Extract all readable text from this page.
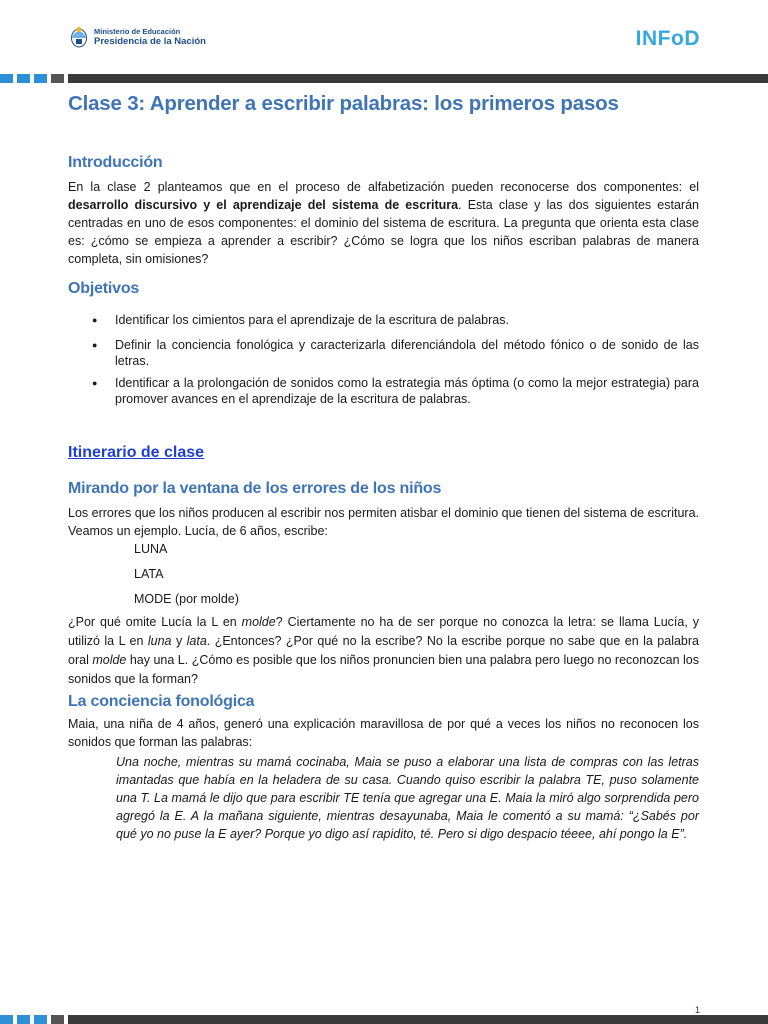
Ministerio de Educación
Presidencia de la Nación	INFoD
Clase 3: Aprender a escribir palabras: los primeros pasos
Introducción

En la clase 2 planteamos que en el proceso de alfabetización pueden reconocerse dos componentes: el desarrollo discursivo y el aprendizaje del sistema de escritura. Esta clase y las dos siguientes estarán centradas en uno de esos componentes: el dominio del sistema de escritura. La pregunta que orienta esta clase es: ¿cómo se empieza a aprender a escribir? ¿Cómo se logra que los niños escriban palabras de manera completa, sin omisiones?

Objetivos
● Identificar los cimientos para el aprendizaje de la escritura de palabras.
● Definir la conciencia fonológica y caracterizarla diferenciándola del método fónico o de sonido de las letras.
● Identificar a la prolongación de sonidos como la estrategia más óptima (o como la mejor estrategia) para promover avances en el aprendizaje de la escritura de palabras.
Itinerario de clase
Mirando por la ventana de los errores de los niños

Los errores que los niños producen al escribir nos permiten atisbar el dominio que tienen del sistema de escritura. Veamos un ejemplo. Lucía, de 6 años, escribe:

LUNA
LATA
MODE (por molde)

¿Por qué omite Lucía la L en molde? Ciertamente no ha de ser porque no conozca la letra: se llama Lucía, y utilizó la L en luna y lata. ¿Entonces? ¿Por qué no la escribe? No la escribe porque no sabe que en la palabra oral molde hay una L. ¿Cómo es posible que los niños pronuncien bien una palabra pero luego no reconozcan los sonidos que la forman?

La conciencia fonológica

Maia, una niña de 4 años, generó una explicación maravillosa de por qué a veces los niños no reconocen los sonidos que forman las palabras:

Una noche, mientras su mamá cocinaba, Maia se puso a elaborar una lista de compras con las letras imantadas que había en la heladera de su casa. Cuando quiso escribir la palabra TE, puso solamente una T. La mamá le dijo que para escribir TE tenía que agregar una E. Maia la miró algo sorprendida pero agregó la E. A la mañana siguiente, mientras desayunaba, Maia le comentó a su mamá: “¿Sabés por qué yo no puse la E ayer? Porque yo digo así rapidito, té. Pero si digo despacio téeee, ahí pongo la E”.

1
